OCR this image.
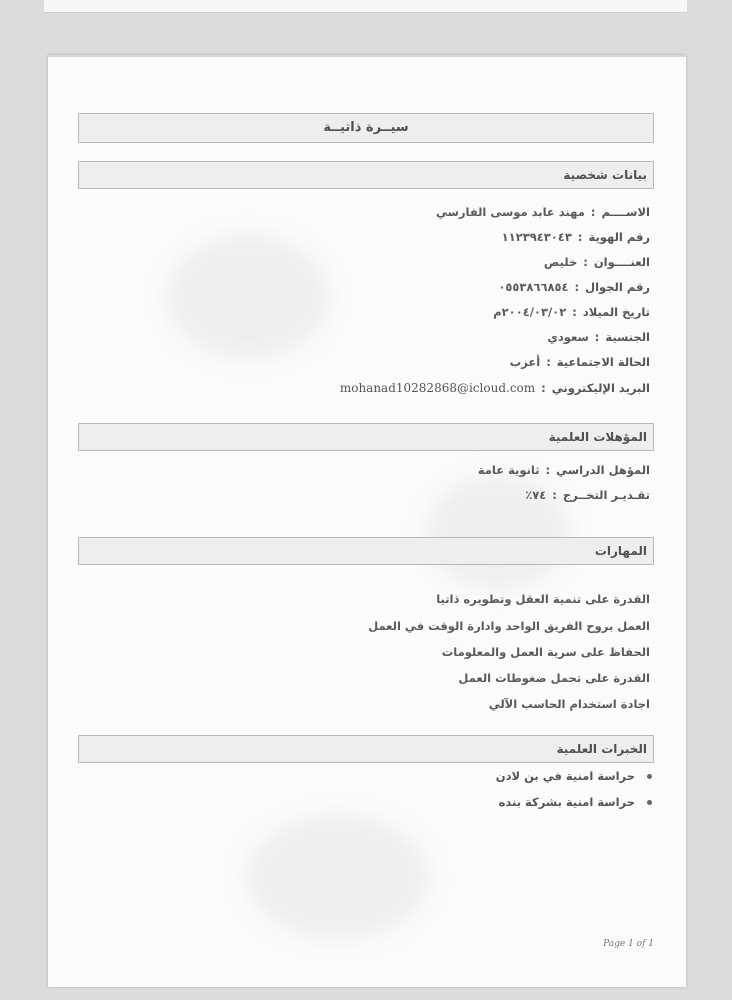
سيــرة ذاتيــة
بيانات شخصية
الاســــم:مهند عابد موسى الفارسي
رقم الهوية:١١٢٣٩٤٣٠٤٣
العنــــوان:خليص
رقم الجوال:٠٥٥٣٨٦٦٨٥٤
تاريخ الميلاد:٢٠٠٤/٠٣/٠٢م
الجنسية:سعودي
الحالة الاجتماعية:أعزب
البريد الإليكتروني:mohanad10282868@icloud.com
المؤهلات العلمية
المؤهل الدراسي:ثانوية عامة
تقـديـر التخــرج:٧٤٪
المهارات
القدرة على تنمية العقل وتطويره ذاتيا
العمل بروح الفريق الواحد وادارة الوقت في العمل
الحفاظ على سرية العمل والمعلومات
القدرة على تحمل ضغوطات العمل
اجادة استخدام الحاسب الآلي
الخبرات العلمية
حراسة امنية في بن لادن
حراسة امنية بشركة بنده
Page 1 of 1
